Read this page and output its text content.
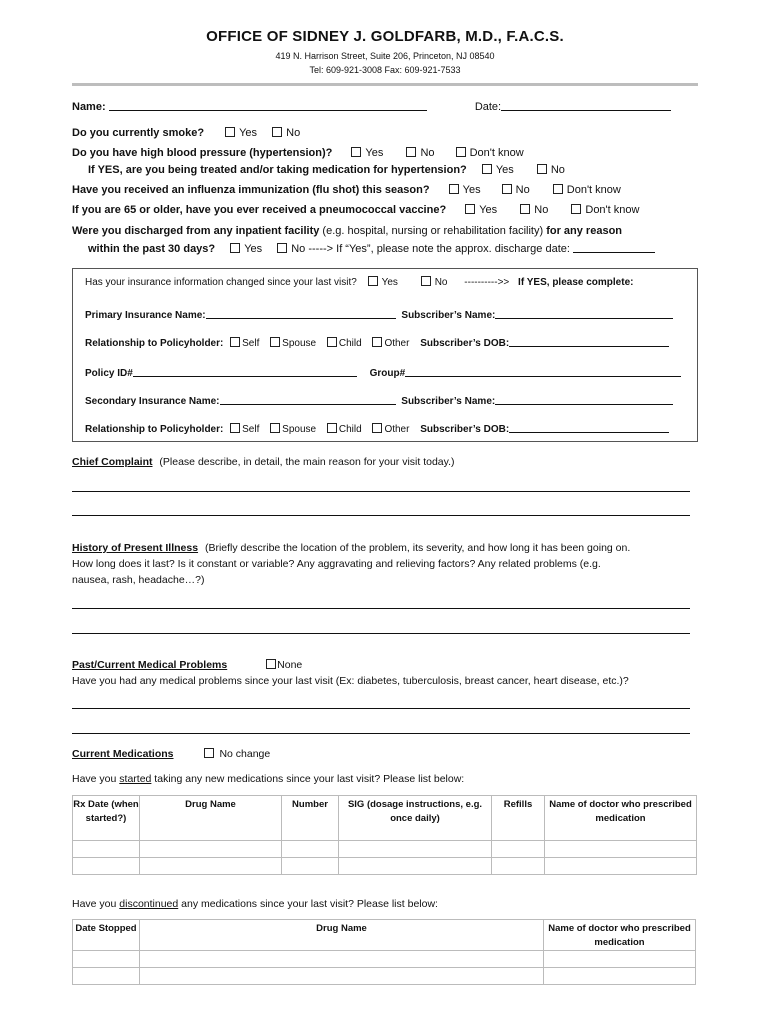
OFFICE OF SIDNEY J. GOLDFARB, M.D., F.A.C.S.
419 N. Harrison Street, Suite 206, Princeton, NJ 08540
Tel: 609-921-3008 Fax: 609-921-7533
Name:	Date:
Do you currently smoke?	Yes	No
Do you have high blood pressure (hypertension)?	Yes	No	Don't know
If YES, are you being treated and/or taking medication for hypertension?	Yes	No
Have you received an influenza immunization (flu shot) this season?	Yes	No	Don't know
If you are 65 or older, have you ever received a pneumococcal vaccine?	Yes	No	Don't know
Were you discharged from any inpatient facility (e.g. hospital, nursing or rehabilitation facility) for any reason
within the past 30 days?	Yes	No -----> If “Yes”, please note the approx. discharge date:
Has your insurance information changed since your last visit? Yes	No ---------->> If YES, please complete:
Primary Insurance Name:	Subscriber’s Name:
Relationship to Policyholder: Self Spouse Child Other Subscriber’s DOB:
Policy ID#	Group#
Secondary Insurance Name:	Subscriber’s Name:
Relationship to Policyholder: Self Spouse Child Other Subscriber’s DOB:
Chief Complaint (Please describe, in detail, the main reason for your visit today.)
History of Present Illness (Briefly describe the location of the problem, its severity, and how long it has been going on.
How long does it last? Is it constant or variable? Any aggravating and relieving factors? Any related problems (e.g.
nausea, rash, headache…?)
Past/Current Medical Problems	None
Have you had any medical problems since your last visit (Ex: diabetes, tuberculosis, breast cancer, heart disease, etc.)?
Current Medications	No change
Have you started taking any new medications since your last visit? Please list below:
Rx Date (when started?)	Drug Name	Number	SIG (dosage instructions, e.g. once daily)	Refills	Name of doctor who prescribed medication

Have you discontinued any medications since your last visit? Please list below:
Date Stopped	Drug Name	Name of doctor who prescribed medication
